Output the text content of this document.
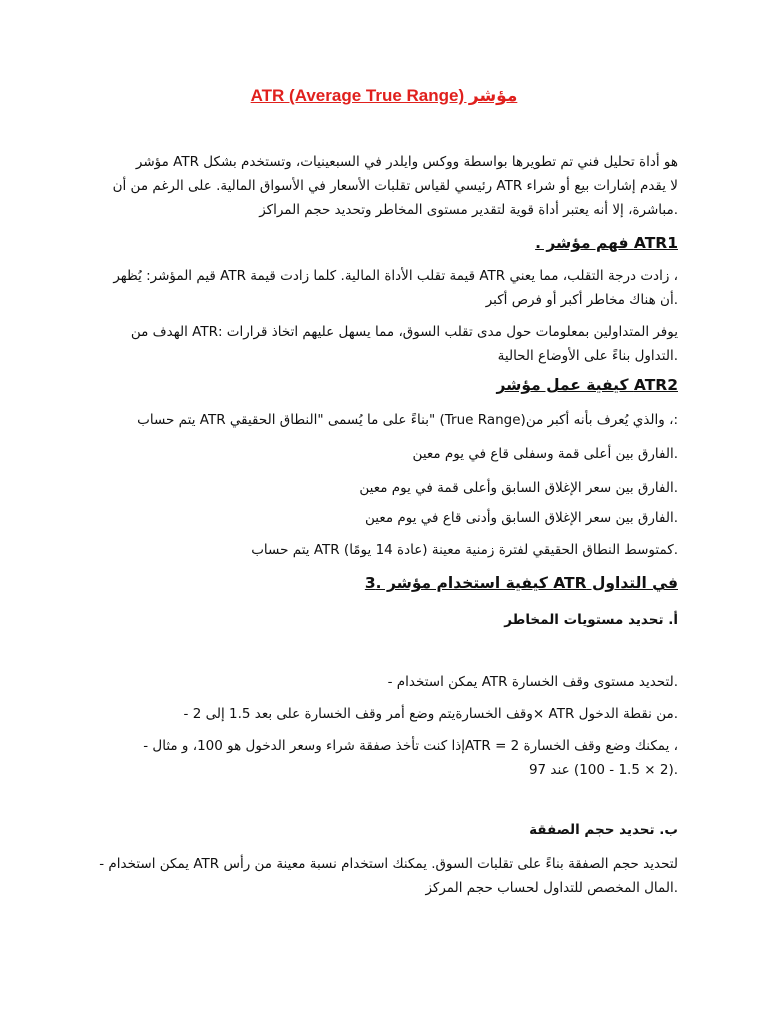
مؤشر ATR (Average True Range)
هو أداة تحليل فني تم تطويرها بواسطة ووكس وايلدر في السبعينيات، وتستخدم بشكل ATR مؤشر
لا يقدم إشارات بيع أو شراء ATR رئيسي لقياس تقلبات الأسعار في الأسواق المالية. على الرغم من أن
.مباشرة، إلا أنه يعتبر أداة قوية لتقدير مستوى المخاطر وتحديد حجم المراكز
ATR1 فهم مؤشر .
، زادت درجة التقلب، مما يعني ATR قيمة تقلب الأداة المالية. كلما زادت قيمة ATR قيم المؤشر: يُظهر
.أن هناك مخاطر أكبر أو فرص أكبر
يوفر المتداولين بمعلومات حول مدى تقلب السوق، مما يسهل عليهم اتخاذ قرارات :ATR الهدف من
.التداول بناءً على الأوضاع الحالية
ATR2 كيفية عمل مؤشر
:، والذي يُعرف بأنه أكبر من(True Range) "بناءً على ما يُسمى "النطاق الحقيقي ATR يتم حساب
.الفارق بين أعلى قمة وسفلى قاع في يوم معين
.الفارق بين سعر الإغلاق السابق وأعلى قمة في يوم معين
.الفارق بين سعر الإغلاق السابق وأدنى قاع في يوم معين
.كمتوسط النطاق الحقيقي لفترة زمنية معينة (عادة 14 يومًا) ATR يتم حساب
في التداول ATR كيفية استخدام مؤشر .3
أ. تحديد مستويات المخاطر
.لتحديد مستوى وقف الخسارة ATR يمكن استخدام -
.من نقطة الدخول ATR ×وقف الخسارةيتم وضع أمر وقف الخسارة على بعد 1.5 إلى 2 -
، يمكنك وضع وقف الخسارة ATR = 2إذا كنت تأخذ صفقة شراء وسعر الدخول هو 100، و مثال -
.(2 × 1.5 - 100) عند 97
ب. تحديد حجم الصفقة
لتحديد حجم الصفقة بناءً على تقلبات السوق. يمكنك استخدام نسبة معينة من رأس ATR يمكن استخدام -
.المال المخصص للتداول لحساب حجم المركز
